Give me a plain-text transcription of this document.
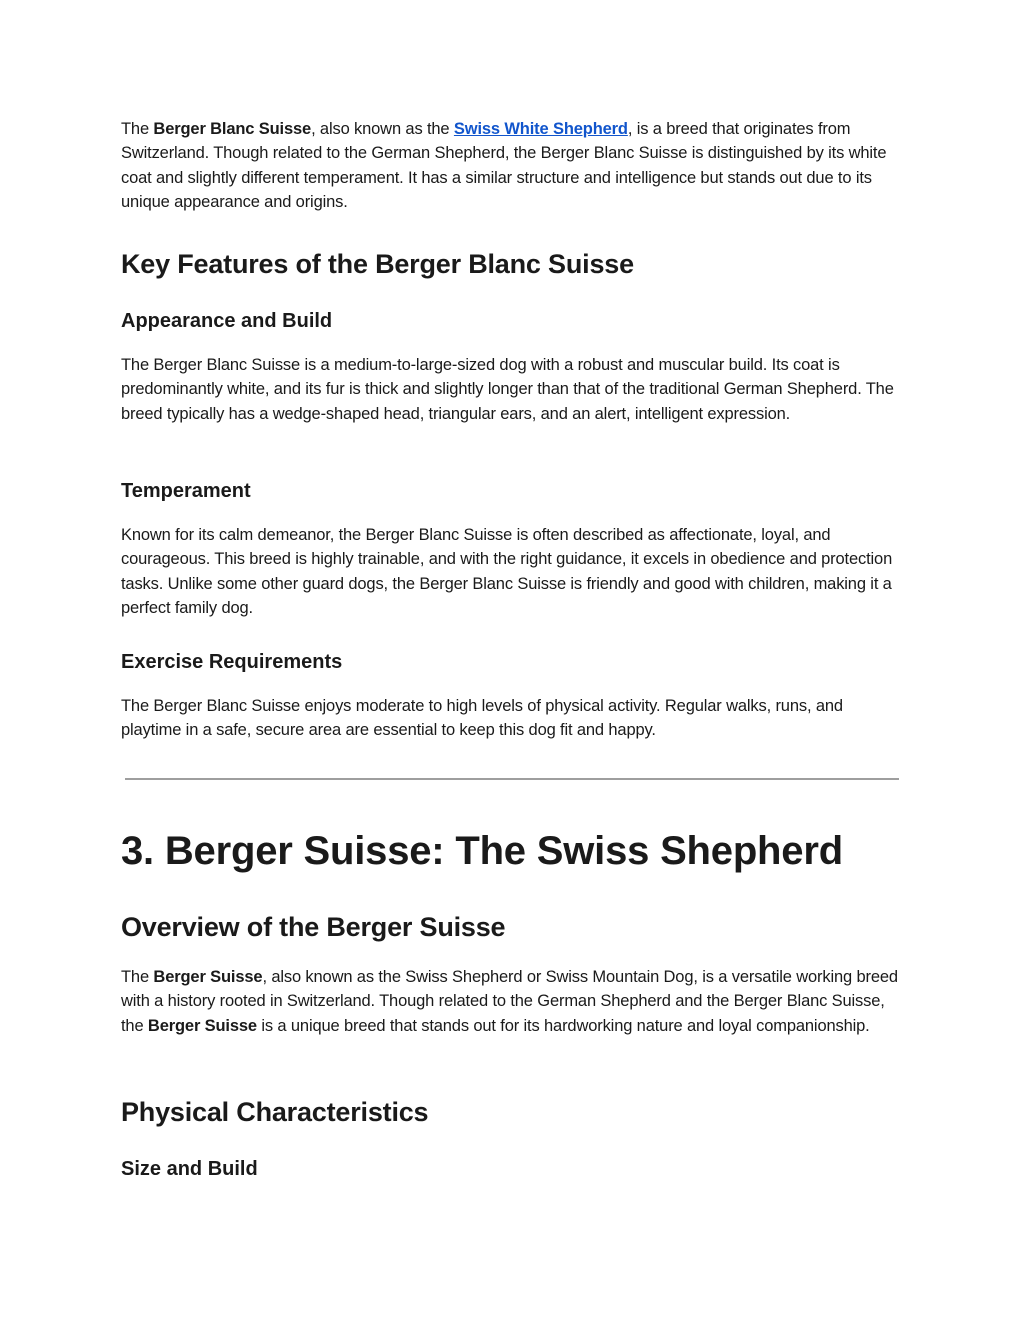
The Berger Blanc Suisse, also known as the Swiss White Shepherd, is a breed that originates from Switzerland. Though related to the German Shepherd, the Berger Blanc Suisse is distinguished by its white coat and slightly different temperament. It has a similar structure and intelligence but stands out due to its unique appearance and origins.

Key Features of the Berger Blanc Suisse
Appearance and Build

The Berger Blanc Suisse is a medium-to-large-sized dog with a robust and muscular build. Its coat is predominantly white, and its fur is thick and slightly longer than that of the traditional German Shepherd. The breed typically has a wedge-shaped head, triangular ears, and an alert, intelligent expression.

Temperament

Known for its calm demeanor, the Berger Blanc Suisse is often described as affectionate, loyal, and courageous. This breed is highly trainable, and with the right guidance, it excels in obedience and protection tasks. Unlike some other guard dogs, the Berger Blanc Suisse is friendly and good with children, making it a perfect family dog.

Exercise Requirements

The Berger Blanc Suisse enjoys moderate to high levels of physical activity. Regular walks, runs, and playtime in a safe, secure area are essential to keep this dog fit and happy.

3. Berger Suisse: The Swiss Shepherd
Overview of the Berger Suisse

The Berger Suisse, also known as the Swiss Shepherd or Swiss Mountain Dog, is a versatile working breed with a history rooted in Switzerland. Though related to the German Shepherd and the Berger Blanc Suisse, the Berger Suisse is a unique breed that stands out for its hardworking nature and loyal companionship.

Physical Characteristics
Size and Build
